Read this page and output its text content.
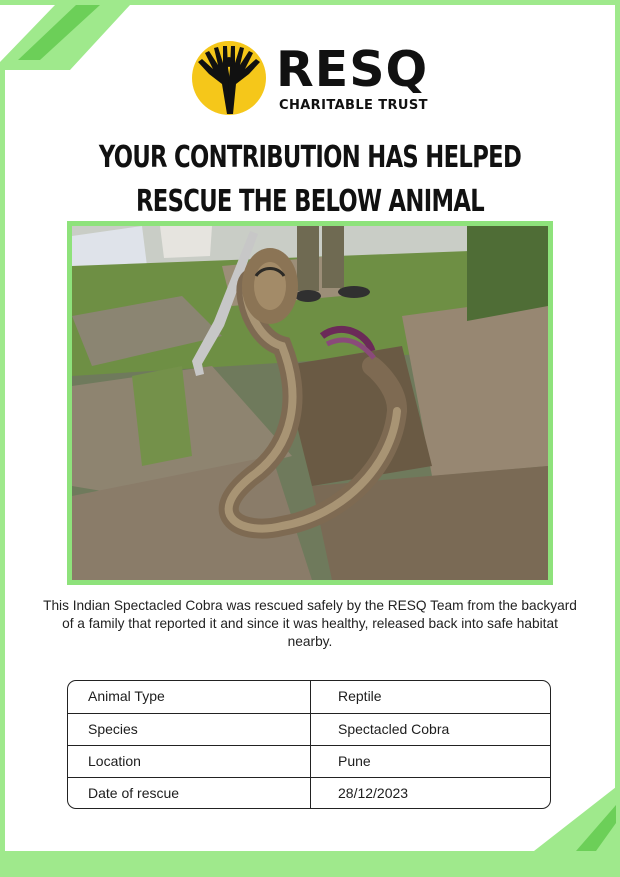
RESQ

CHARITABLE TRUST

YOUR CONTRIBUTION HAS HELPED RESCUE THE BELOW ANIMAL

This Indian Spectacled Cobra was rescued safely by the RESQ Team from the backyard of a family that reported it and since it was healthy, released back into safe habitat nearby.

Animal Type	Reptile
Species	Spectacled Cobra
Location	Pune
Date of rescue	28/12/2023
